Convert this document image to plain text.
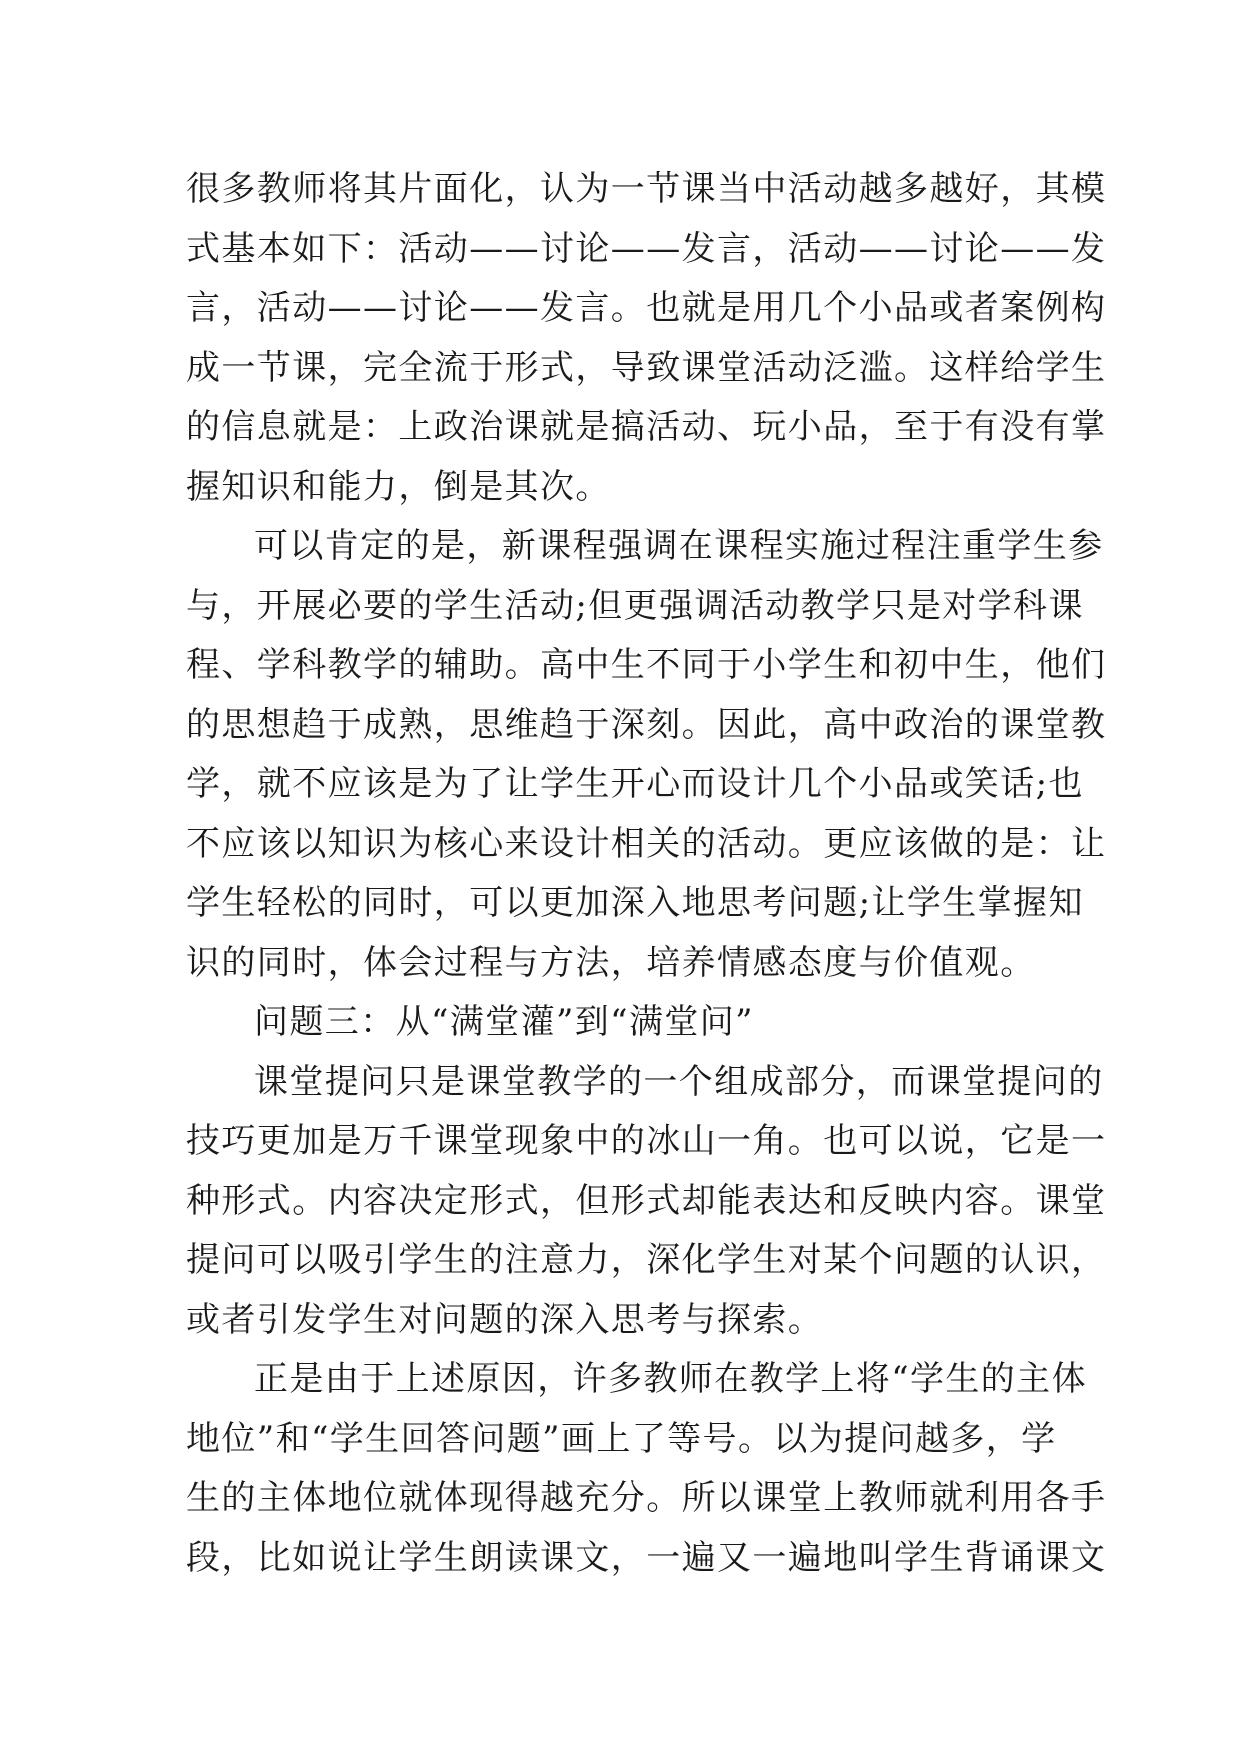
很多教师将其片面化，认为一节课当中活动越多越好，其模
式基本如下：活动——讨论——发言，活动——讨论——发
言，活动——讨论——发言。也就是用几个小品或者案例构
成一节课，完全流于形式，导致课堂活动泛滥。这样给学生
的信息就是：上政治课就是搞活动、玩小品，至于有没有掌
握知识和能力，倒是其次。
可以肯定的是，新课程强调在课程实施过程注重学生参
与，开展必要的学生活动;但更强调活动教学只是对学科课
程、学科教学的辅助。高中生不同于小学生和初中生，他们
的思想趋于成熟，思维趋于深刻。因此，高中政治的课堂教
学，就不应该是为了让学生开心而设计几个小品或笑话;也
不应该以知识为核心来设计相关的活动。更应该做的是：让
学生轻松的同时，可以更加深入地思考问题;让学生掌握知
识的同时，体会过程与方法，培养情感态度与价值观。
问题三：从“满堂灌”到“满堂问”
课堂提问只是课堂教学的一个组成部分，而课堂提问的
技巧更加是万千课堂现象中的冰山一角。也可以说，它是一
种形式。内容决定形式，但形式却能表达和反映内容。课堂
提问可以吸引学生的注意力，深化学生对某个问题的认识，
或者引发学生对问题的深入思考与探索。
正是由于上述原因，许多教师在教学上将“学生的主体
地位”和“学生回答问题”画上了等号。以为提问越多，学
生的主体地位就体现得越充分。所以课堂上教师就利用各手
段，比如说让学生朗读课文，一遍又一遍地叫学生背诵课文
